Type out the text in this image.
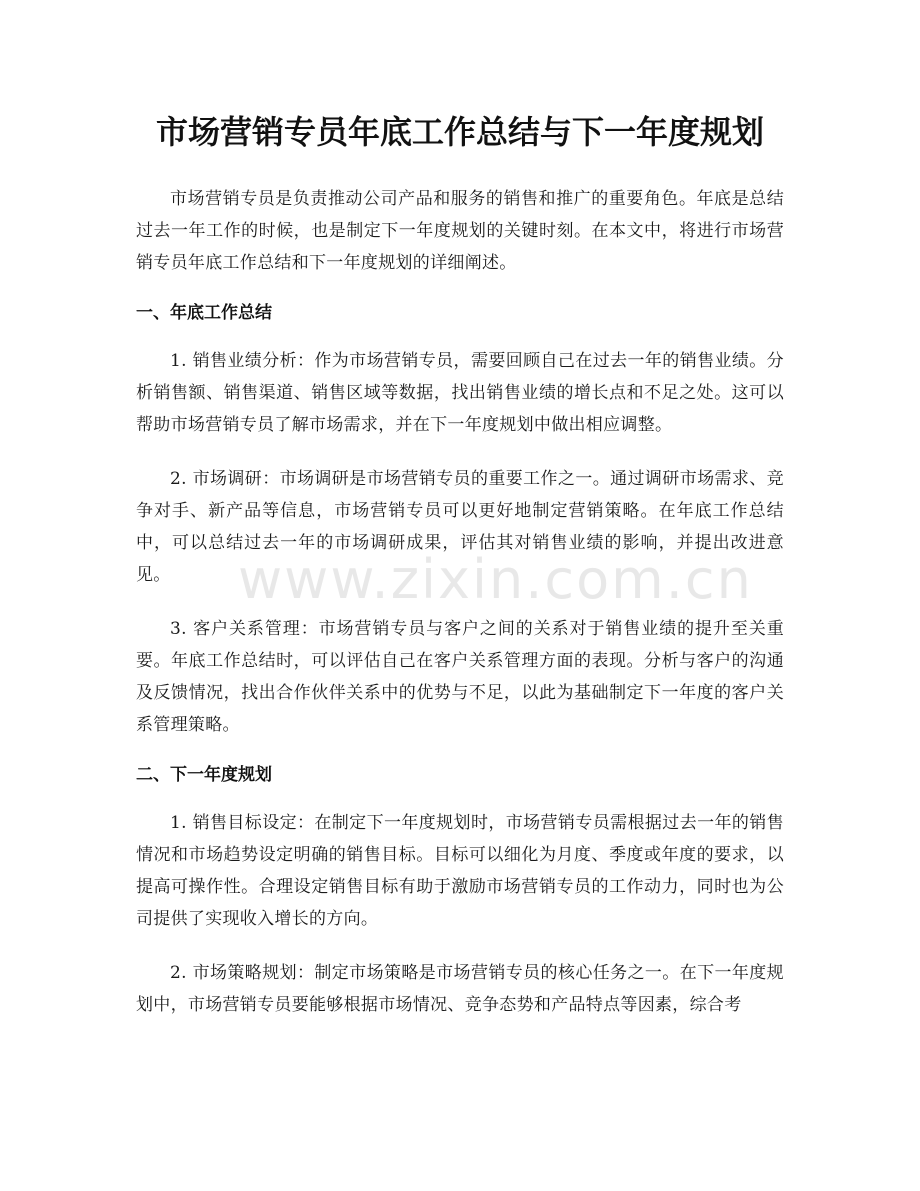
市场营销专员年底工作总结与下一年度规划

市场营销专员是负责推动公司产品和服务的销售和推广的重要角色。年底是总结过去一年工作的时候，也是制定下一年度规划的关键时刻。在本文中，将进行市场营销专员年底工作总结和下一年度规划的详细阐述。

一、年底工作总结

1. 销售业绩分析：作为市场营销专员，需要回顾自己在过去一年的销售业绩。分析销售额、销售渠道、销售区域等数据，找出销售业绩的增长点和不足之处。这可以帮助市场营销专员了解市场需求，并在下一年度规划中做出相应调整。

2. 市场调研：市场调研是市场营销专员的重要工作之一。通过调研市场需求、竞争对手、新产品等信息，市场营销专员可以更好地制定营销策略。在年底工作总结中，可以总结过去一年的市场调研成果，评估其对销售业绩的影响，并提出改进意见。

3. 客户关系管理：市场营销专员与客户之间的关系对于销售业绩的提升至关重要。年底工作总结时，可以评估自己在客户关系管理方面的表现。分析与客户的沟通及反馈情况，找出合作伙伴关系中的优势与不足，以此为基础制定下一年度的客户关系管理策略。

二、下一年度规划

1. 销售目标设定：在制定下一年度规划时，市场营销专员需根据过去一年的销售情况和市场趋势设定明确的销售目标。目标可以细化为月度、季度或年度的要求，以提高可操作性。合理设定销售目标有助于激励市场营销专员的工作动力，同时也为公司提供了实现收入增长的方向。

2. 市场策略规划：制定市场策略是市场营销专员的核心任务之一。在下一年度规划中，市场营销专员要能够根据市场情况、竞争态势和产品特点等因素，综合考

www.zixin.com.cn
